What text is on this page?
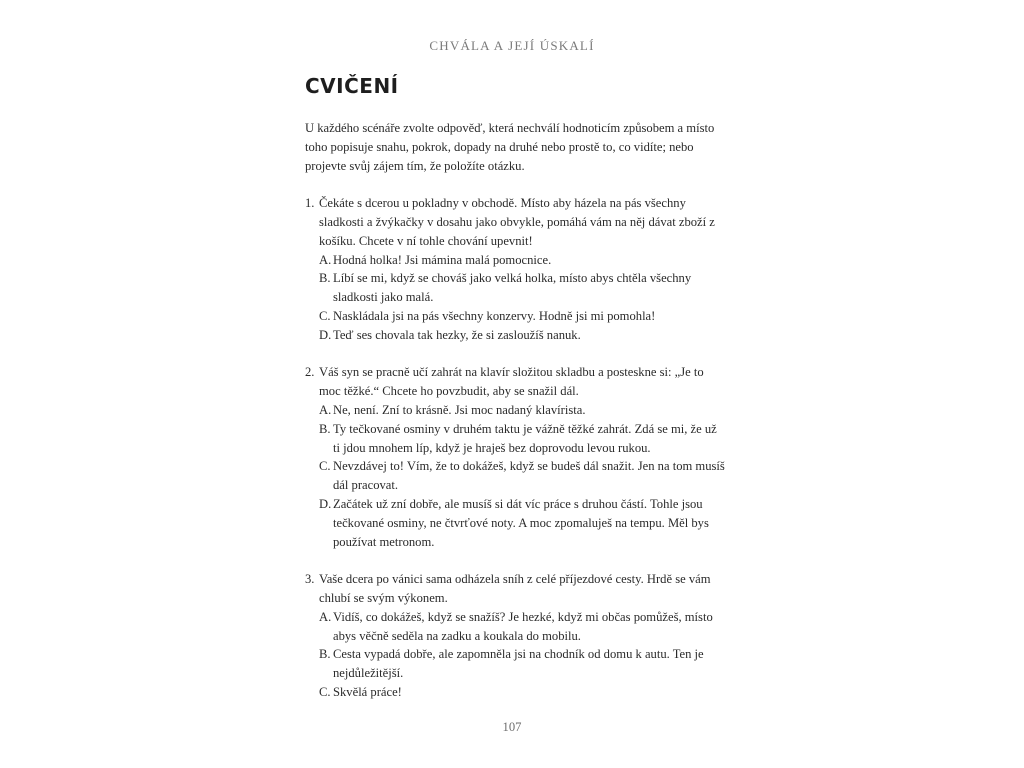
CHVÁLA A JEJÍ ÚSKALÍ
CVIČENÍ

U každého scénáře zvolte odpověď, která nechválí hodnoticím způsobem a místo toho popisuje snahu, pokrok, dopady na druhé nebo prostě to, co vidíte; nebo projevte svůj zájem tím, že položíte otázku.

1. Čekáte s dcerou u pokladny v obchodě. Místo aby házela na pás všechny sladkosti a žvýkačky v dosahu jako obvykle, pomáhá vám na něj dávat zboží z košíku. Chcete v ní tohle chování upevnit!

A. Hodná holka! Jsi mámina malá pomocnice.
B. Líbí se mi, když se chováš jako velká holka, místo abys chtěla všechny sladkosti jako malá.
C. Naskládala jsi na pás všechny konzervy. Hodně jsi mi pomohla!
D. Teď ses chovala tak hezky, že si zasloužíš nanuk.

2. Váš syn se pracně učí zahrát na klavír složitou skladbu a posteskne si: „Je to moc těžké.“ Chcete ho povzbudit, aby se snažil dál.

A. Ne, není. Zní to krásně. Jsi moc nadaný klavírista.
B. Ty tečkované osminy v druhém taktu je vážně těžké zahrát. Zdá se mi, že už ti jdou mnohem líp, když je hraješ bez doprovodu levou rukou.
C. Nevzdávej to! Vím, že to dokážeš, když se budeš dál snažit. Jen na tom musíš dál pracovat.
D. Začátek už zní dobře, ale musíš si dát víc práce s druhou částí. Tohle jsou tečkované osminy, ne čtvrťové noty. A moc zpomaluješ na tempu. Měl bys používat metronom.

3. Vaše dcera po vánici sama odházela sníh z celé příjezdové cesty. Hrdě se vám chlubí se svým výkonem.

A. Vidíš, co dokážeš, když se snažíš? Je hezké, když mi občas pomůžeš, místo abys věčně seděla na zadku a koukala do mobilu.
B. Cesta vypadá dobře, ale zapomněla jsi na chodník od domu k autu. Ten je nejdůležitější.
C. Skvělá práce!
107
